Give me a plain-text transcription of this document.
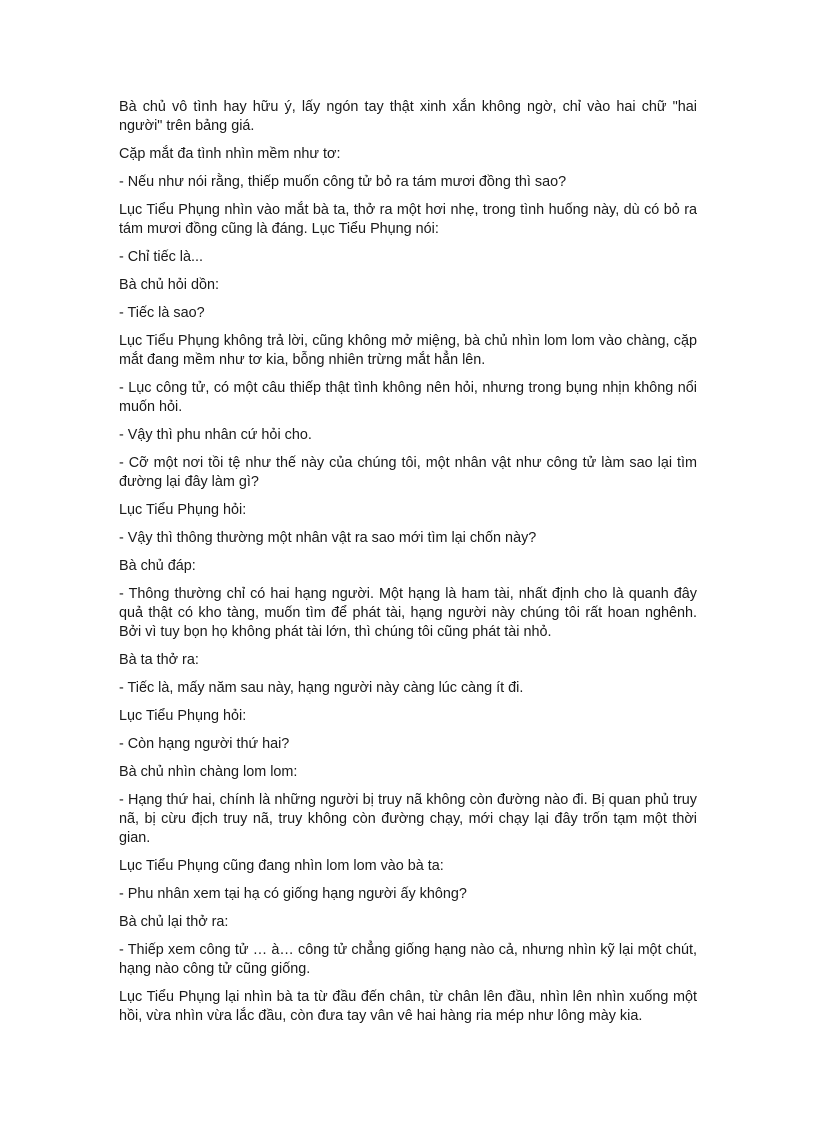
Bà chủ vô tình hay hữu ý, lấy ngón tay thật xinh xắn không ngờ, chỉ vào hai chữ "hai người" trên bảng giá.

Cặp mắt đa tình nhìn mềm như tơ:

- Nếu như nói rằng, thiếp muốn công tử bỏ ra tám mươi đồng thì sao?

Lục Tiểu Phụng nhìn vào mắt bà ta, thở ra một hơi nhẹ, trong tình huống này, dù có bỏ ra tám mươi đồng cũng là đáng. Lục Tiểu Phụng nói:

- Chỉ tiếc là...

Bà chủ hỏi dồn:

- Tiếc là sao?

Lục Tiểu Phụng không trả lời, cũng không mở miệng, bà chủ nhìn lom lom vào chàng, cặp mắt đang mềm như tơ kia, bỗng nhiên trừng mắt hẳn lên.

- Lục công tử, có một câu thiếp thật tình không nên hỏi, nhưng trong bụng nhịn không nổi muốn hỏi.

- Vậy thì phu nhân cứ hỏi cho.

- Cỡ một nơi tồi tệ như thế này của chúng tôi, một nhân vật như công tử làm sao lại tìm đường lại đây làm gì?

Lục Tiểu Phụng hỏi:

- Vậy thì thông thường một nhân vật ra sao mới tìm lại chốn này?

Bà chủ đáp:

- Thông thường chỉ có hai hạng người. Một hạng là ham tài, nhất định cho là quanh đây quả thật có kho tàng, muốn tìm để phát tài, hạng người này chúng tôi rất hoan nghênh. Bởi vì tuy bọn họ không phát tài lớn, thì chúng tôi cũng phát tài nhỏ.

Bà ta thở ra:

- Tiếc là, mấy năm sau này, hạng người này càng lúc càng ít đi.

Lục Tiểu Phụng hỏi:

- Còn hạng người thứ hai?

Bà chủ nhìn chàng lom lom:

- Hạng thứ hai, chính là những người bị truy nã không còn đường nào đi. Bị quan phủ truy nã, bị cừu địch truy nã, truy không còn đường chạy, mới chạy lại đây trốn tạm một thời gian.

Lục Tiểu Phụng cũng đang nhìn lom lom vào bà ta:

- Phu nhân xem tại hạ có giống hạng người ấy không?

Bà chủ lại thở ra:

- Thiếp xem công tử … à… công tử chẳng giống hạng nào cả, nhưng nhìn kỹ lại một chút, hạng nào công tử cũng giống.

Lục Tiểu Phụng lại nhìn bà ta từ đầu đến chân, từ chân lên đầu, nhìn lên nhìn xuống một hồi, vừa nhìn vừa lắc đầu, còn đưa tay vân vê hai hàng ria mép như lông mày kia.
